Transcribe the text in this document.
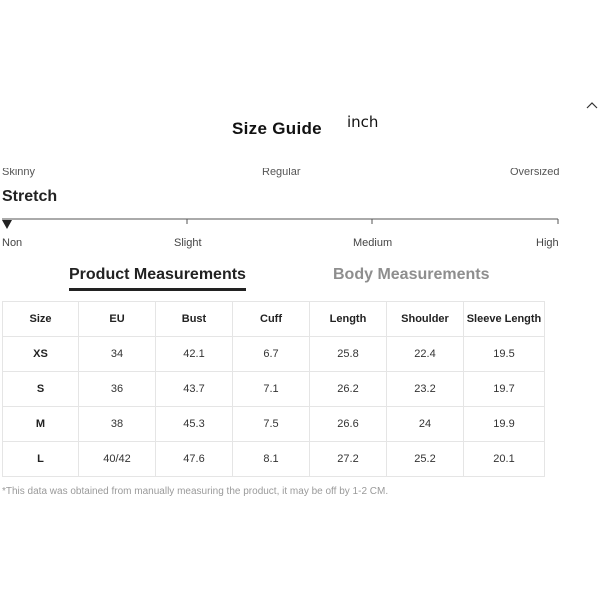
Size Guide inch
Skinny	Regular	Oversized
Stretch
Non	Slight	Medium	High
Product Measurements	Body Measurements
Size	EU	Bust	Cuff	Length	Shoulder	Sleeve Length
XS	34	42.1	6.7	25.8	22.4	19.5
S	36	43.7	7.1	26.2	23.2	19.7
M	38	45.3	7.5	26.6	24	19.9
L	40/42	47.6	8.1	27.2	25.2	20.1
*This data was obtained from manually measuring the product, it may be off by 1-2 CM.
